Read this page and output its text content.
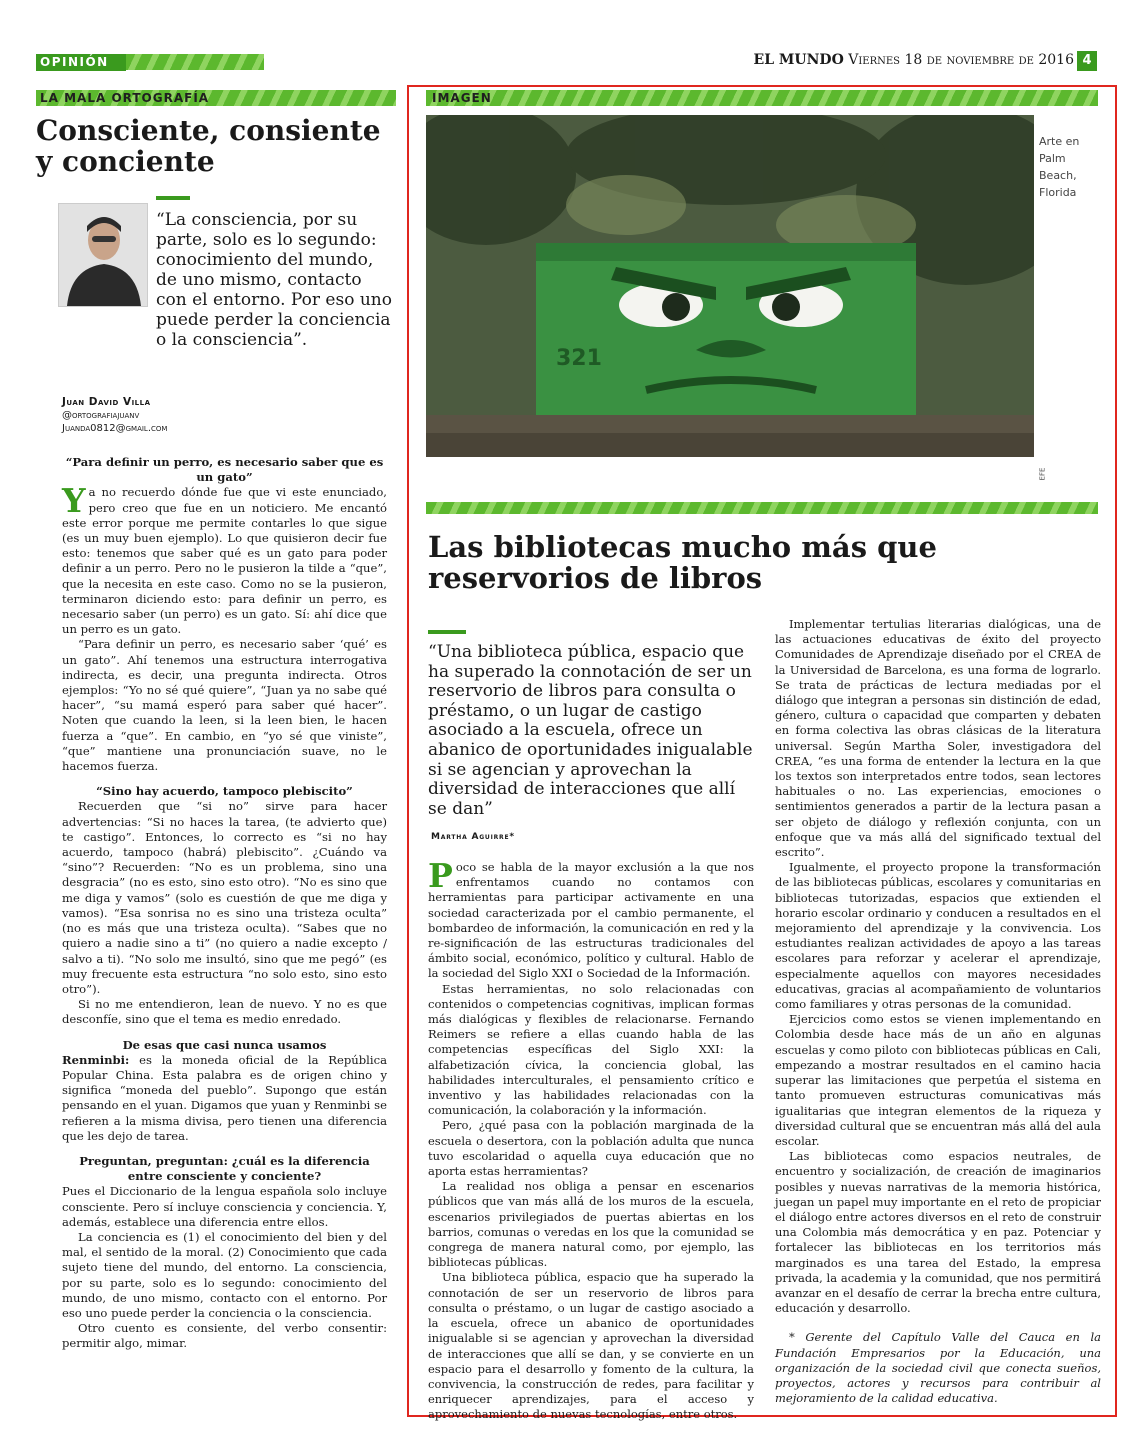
OPINIÓN	EL MUNDO Viernes 18 de noviembre de 2016 4
LA MALA ORTOGRAFÍA
Consciente, consiente y conciente
“La consciencia, por su parte, solo es lo segundo: conocimiento del mundo, de uno mismo, contacto con el entorno. Por eso uno puede perder la conciencia o la consciencia”.
Juan David Villa
@ortografiajuanv
Juanda0812@gmail.com

“Para definir un perro, es necesario saber que es un gato”

Ya no recuerdo dónde fue que vi este enunciado, pero creo que fue en un noticiero. Me encantó este error porque me permite contarles lo que sigue (es un muy buen ejemplo). Lo que quisieron decir fue esto: tenemos que saber qué es un gato para poder definir a un perro. Pero no le pusieron la tilde a “que”, que la necesita en este caso. Como no se la pusieron, terminaron diciendo esto: para definir un perro, es necesario saber (un perro) es un gato. Sí: ahí dice que un perro es un gato.

“Para definir un perro, es necesario saber ‘qué’ es un gato”. Ahí tenemos una estructura interrogativa indirecta, es decir, una pregunta indirecta. Otros ejemplos: “Yo no sé qué quiere”, “Juan ya no sabe qué hacer”, “su mamá esperó para saber qué hacer”. Noten que cuando la leen, si la leen bien, le hacen fuerza a “que”. En cambio, en “yo sé que viniste”, “que” mantiene una pronunciación suave, no le hacemos fuerza.

“Sino hay acuerdo, tampoco plebiscito”

Recuerden que “si no” sirve para hacer advertencias: “Si no haces la tarea, (te advierto que) te castigo”. Entonces, lo correcto es “si no hay acuerdo, tampoco (habrá) plebiscito”. ¿Cuándo va “sino”? Recuerden: “No es un problema, sino una desgracia” (no es esto, sino esto otro). “No es sino que me diga y vamos” (solo es cuestión de que me diga y vamos). “Esa sonrisa no es sino una tristeza oculta” (no es más que una tristeza oculta). “Sabes que no quiero a nadie sino a ti” (no quiero a nadie excepto / salvo a ti). “No solo me insultó, sino que me pegó” (es muy frecuente esta estructura “no solo esto, sino esto otro”).

Si no me entendieron, lean de nuevo. Y no es que desconfíe, sino que el tema es medio enredado.

De esas que casi nunca usamos

Renminbi: es la moneda oficial de la República Popular China. Esta palabra es de origen chino y significa “moneda del pueblo”. Supongo que están pensando en el yuan. Digamos que yuan y Renminbi se refieren a la misma divisa, pero tienen una diferencia que les dejo de tarea.

Preguntan, preguntan: ¿cuál es la diferencia entre consciente y conciente?

Pues el Diccionario de la lengua española solo incluye consciente. Pero sí incluye consciencia y conciencia. Y, además, establece una diferencia entre ellos.

La conciencia es (1) el conocimiento del bien y del mal, el sentido de la moral. (2) Conocimiento que cada sujeto tiene del mundo, del entorno. La consciencia, por su parte, solo es lo segundo: conocimiento del mundo, de uno mismo, contacto con el entorno. Por eso uno puede perder la conciencia o la consciencia.

Otro cuento es consiente, del verbo consentir: permitir algo, mimar.

IMAGEN
321
Arte en Palm Beach, Florida
EFE
Las bibliotecas mucho más que reservorios de libros
“Una biblioteca pública, espacio que ha superado la connotación de ser un reservorio de libros para consulta o préstamo, o un lugar de castigo asociado a la escuela, ofrece un abanico de oportunidades inigualable si se agencian y aprovechan la diversidad de interacciones que allí se dan”
Martha Aguirre*

Poco se habla de la mayor exclusión a la que nos enfrentamos cuando no contamos con herramientas para participar activamente en una sociedad caracterizada por el cambio permanente, el bombardeo de información, la comunicación en red y la re-significación de las estructuras tradicionales del ámbito social, económico, político y cultural. Hablo de la sociedad del Siglo XXI o Sociedad de la Información.

Estas herramientas, no solo relacionadas con contenidos o competencias cognitivas, implican formas más dialógicas y flexibles de relacionarse. Fernando Reimers se refiere a ellas cuando habla de las competencias específicas del Siglo XXI: la alfabetización cívica, la conciencia global, las habilidades interculturales, el pensamiento crítico e inventivo y las habilidades relacionadas con la comunicación, la colaboración y la información.

Pero, ¿qué pasa con la población marginada de la escuela o desertora, con la población adulta que nunca tuvo escolaridad o aquella cuya educación que no aporta estas herramientas?

La realidad nos obliga a pensar en escenarios públicos que van más allá de los muros de la escuela, escenarios privilegiados de puertas abiertas en los barrios, comunas o veredas en los que la comunidad se congrega de manera natural como, por ejemplo, las bibliotecas públicas.

Una biblioteca pública, espacio que ha superado la connotación de ser un reservorio de libros para consulta o préstamo, o un lugar de castigo asociado a la escuela, ofrece un abanico de oportunidades inigualable si se agencian y aprovechan la diversidad de interacciones que allí se dan, y se convierte en un espacio para el desarrollo y fomento de la cultura, la convivencia, la construcción de redes, para facilitar y enriquecer aprendizajes, para el acceso y aprovechamiento de nuevas tecnologías, entre otros.

Implementar tertulias literarias dialógicas, una de las actuaciones educativas de éxito del proyecto Comunidades de Aprendizaje diseñado por el CREA de la Universidad de Barcelona, es una forma de lograrlo. Se trata de prácticas de lectura mediadas por el diálogo que integran a personas sin distinción de edad, género, cultura o capacidad que comparten y debaten en forma colectiva las obras clásicas de la literatura universal. Según Martha Soler, investigadora del CREA, “es una forma de entender la lectura en la que los textos son interpretados entre todos, sean lectores habituales o no. Las experiencias, emociones o sentimientos generados a partir de la lectura pasan a ser objeto de diálogo y reflexión conjunta, con un enfoque que va más allá del significado textual del escrito”.

Igualmente, el proyecto propone la transformación de las bibliotecas públicas, escolares y comunitarias en bibliotecas tutorizadas, espacios que extienden el horario escolar ordinario y conducen a resultados en el mejoramiento del aprendizaje y la convivencia. Los estudiantes realizan actividades de apoyo a las tareas escolares para reforzar y acelerar el aprendizaje, especialmente aquellos con mayores necesidades educativas, gracias al acompañamiento de voluntarios como familiares y otras personas de la comunidad.

Ejercicios como estos se vienen implementando en Colombia desde hace más de un año en algunas escuelas y como piloto con bibliotecas públicas en Cali, empezando a mostrar resultados en el camino hacia superar las limitaciones que perpetúa el sistema en tanto promueven estructuras comunicativas más igualitarias que integran elementos de la riqueza y diversidad cultural que se encuentran más allá del aula escolar.

Las bibliotecas como espacios neutrales, de encuentro y socialización, de creación de imaginarios posibles y nuevas narrativas de la memoria histórica, juegan un papel muy importante en el reto de propiciar el diálogo entre actores diversos en el reto de construir una Colombia más democrática y en paz. Potenciar y fortalecer las bibliotecas en los territorios más marginados es una tarea del Estado, la empresa privada, la academia y la comunidad, que nos permitirá avanzar en el desafío de cerrar la brecha entre cultura, educación y desarrollo.

* Gerente del Capítulo Valle del Cauca en la Fundación Empresarios por la Educación, una organización de la sociedad civil que conecta sueños, proyectos, actores y recursos para contribuir al mejoramiento de la calidad educativa.
